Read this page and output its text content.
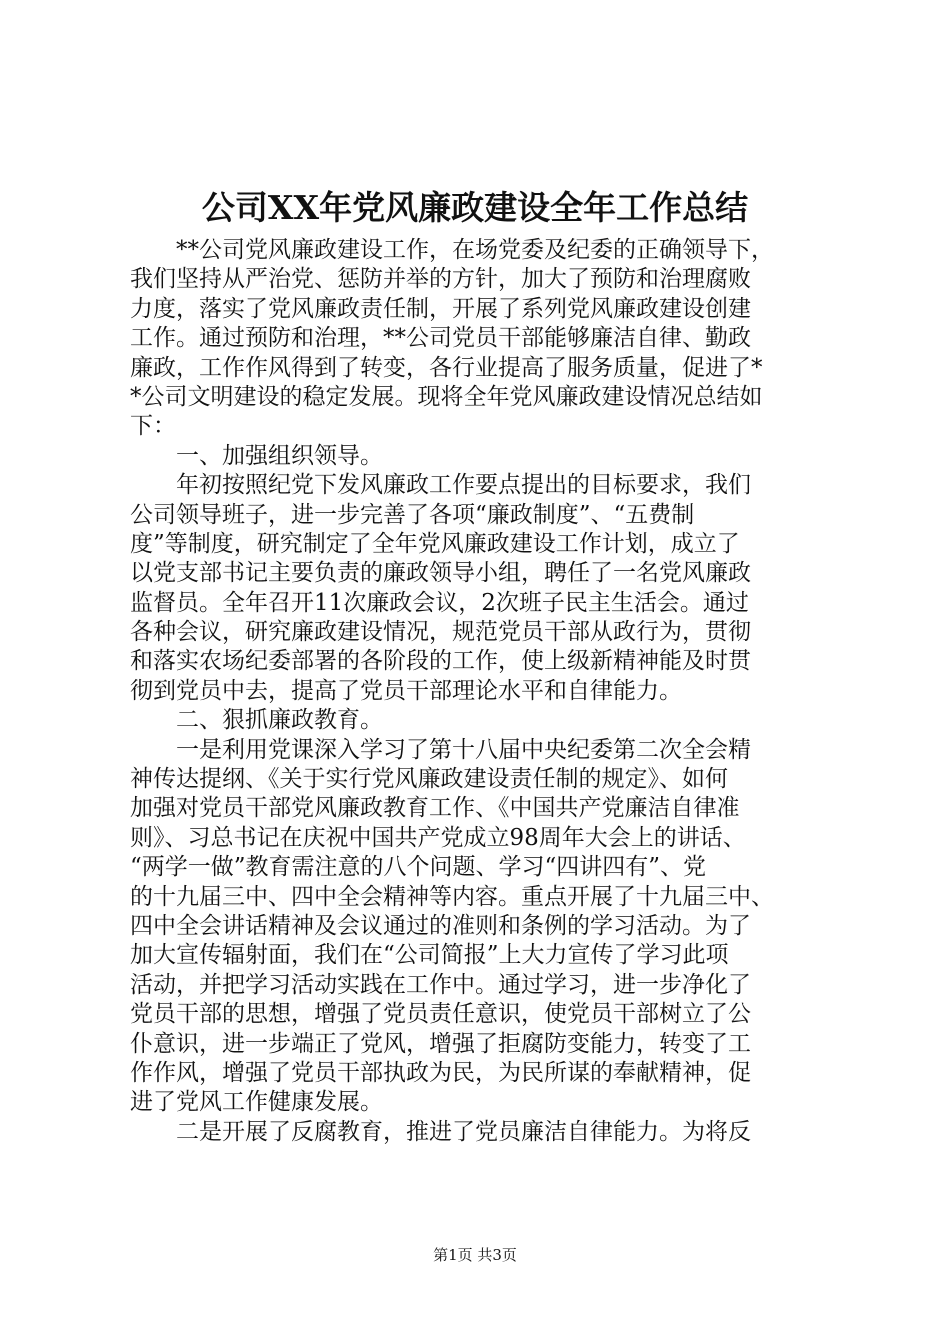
公司XX年党风廉政建设全年工作总结
**公司党风廉政建设工作，在场党委及纪委的正确领导下，
我们坚持从严治党、惩防并举的方针，加大了预防和治理腐败
力度，落实了党风廉政责任制，开展了系列党风廉政建设创建
工作。通过预防和治理，**公司党员干部能够廉洁自律、勤政
廉政，工作作风得到了转变，各行业提高了服务质量，促进了*
*公司文明建设的稳定发展。现将全年党风廉政建设情况总结如
下：
一、加强组织领导。
年初按照纪党下发风廉政工作要点提出的目标要求，我们
公司领导班子，进一步完善了各项“廉政制度”、“五费制
度”等制度，研究制定了全年党风廉政建设工作计划，成立了
以党支部书记主要负责的廉政领导小组，聘任了一名党风廉政
监督员。全年召开11次廉政会议，2次班子民主生活会。通过
各种会议，研究廉政建设情况，规范党员干部从政行为，贯彻
和落实农场纪委部署的各阶段的工作，使上级新精神能及时贯
彻到党员中去，提高了党员干部理论水平和自律能力。
二、狠抓廉政教育。
一是利用党课深入学习了第十八届中央纪委第二次全会精
神传达提纲、《关于实行党风廉政建设责任制的规定》、如何
加强对党员干部党风廉政教育工作、《中国共产党廉洁自律准
则》、习总书记在庆祝中国共产党成立98周年大会上的讲话、
“两学一做”教育需注意的八个问题、学习“四讲四有”、党
的十九届三中、四中全会精神等内容。重点开展了十九届三中、
四中全会讲话精神及会议通过的准则和条例的学习活动。为了
加大宣传辐射面，我们在“公司简报”上大力宣传了学习此项
活动，并把学习活动实践在工作中。通过学习，进一步净化了
党员干部的思想，增强了党员责任意识，使党员干部树立了公
仆意识，进一步端正了党风，增强了拒腐防变能力，转变了工
作作风，增强了党员干部执政为民，为民所谋的奉献精神，促
进了党风工作健康发展。
二是开展了反腐教育，推进了党员廉洁自律能力。为将反
第1页 共3页
